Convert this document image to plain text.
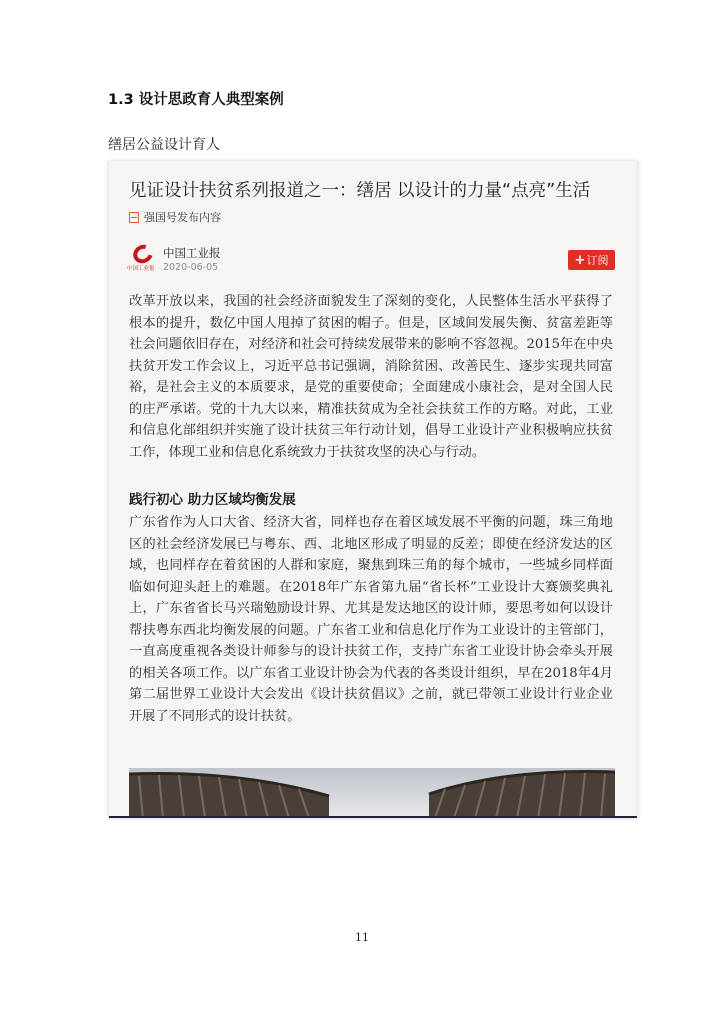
1.3 设计思政育人典型案例
缮居公益设计育人
见证设计扶贫系列报道之一：缮居 以设计的力量“点亮”生活
强国号发布内容
中国工业报
中国工业报
2020-06-05	+ 订阅
改革开放以来，我国的社会经济面貌发生了深刻的变化，人民整体生活水平获得了根本的提升，数亿中国人甩掉了贫困的帽子。但是，区域间发展失衡、贫富差距等社会问题依旧存在，对经济和社会可持续发展带来的影响不容忽视。2015年在中央扶贫开发工作会议上，习近平总书记强调，消除贫困、改善民生、逐步实现共同富裕，是社会主义的本质要求，是党的重要使命；全面建成小康社会，是对全国人民的庄严承诺。党的十九大以来，精准扶贫成为全社会扶贫工作的方略。对此，工业和信息化部组织并实施了设计扶贫三年行动计划，倡导工业设计产业积极响应扶贫工作，体现工业和信息化系统致力于扶贫攻坚的决心与行动。
践行初心 助力区域均衡发展
广东省作为人口大省、经济大省，同样也存在着区域发展不平衡的问题，珠三角地区的社会经济发展已与粤东、西、北地区形成了明显的反差；即使在经济发达的区域，也同样存在着贫困的人群和家庭，聚焦到珠三角的每个城市，一些城乡同样面临如何迎头赶上的难题。在2018年广东省第九届“省长杯”工业设计大赛颁奖典礼上，广东省省长马兴瑞勉励设计界、尤其是发达地区的设计师，要思考如何以设计帮扶粤东西北均衡发展的问题。广东省工业和信息化厅作为工业设计的主管部门，一直高度重视各类设计师参与的设计扶贫工作，支持广东省工业设计协会牵头开展的相关各项工作。以广东省工业设计协会为代表的各类设计组织，早在2018年4月第二届世界工业设计大会发出《设计扶贫倡议》之前，就已带领工业设计行业企业开展了不同形式的设计扶贫。
11
